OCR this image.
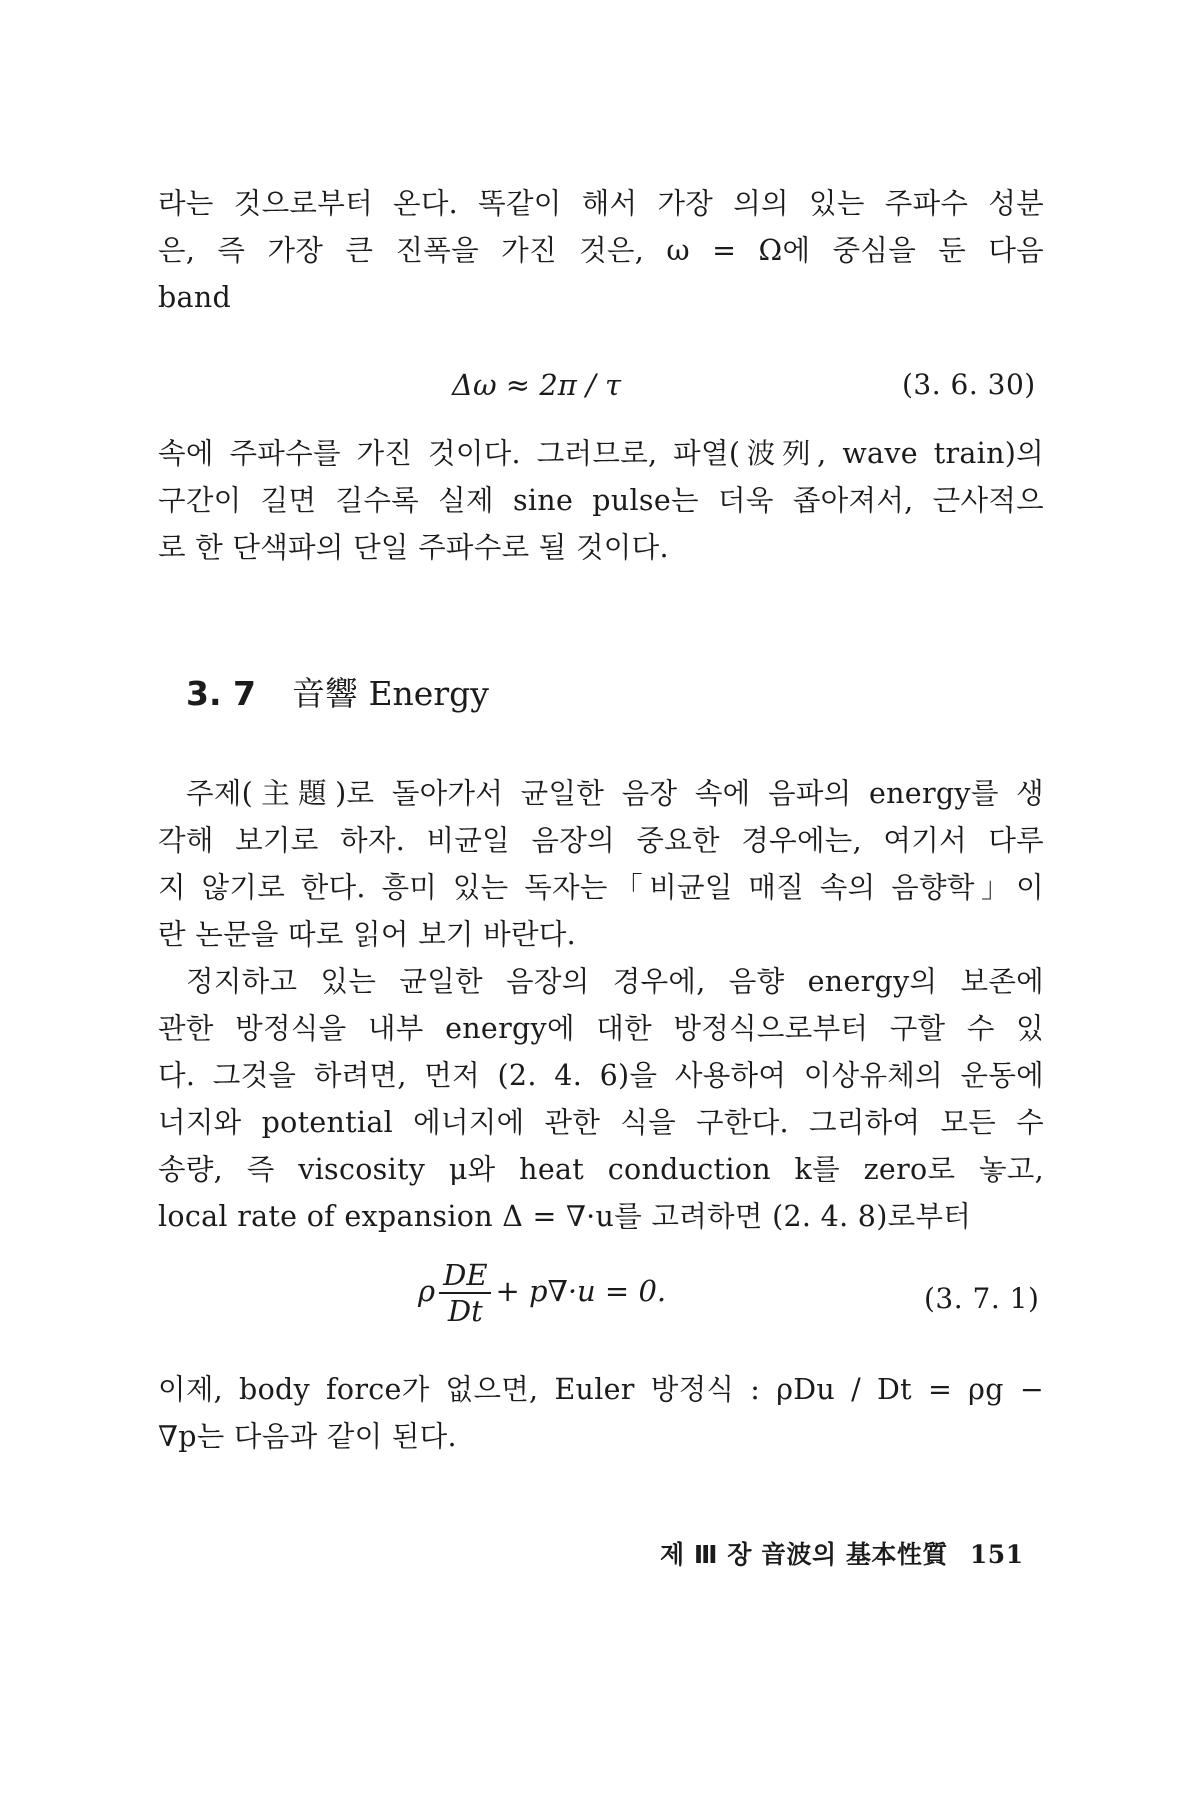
라는 것으로부터 온다. 똑같이 해서 가장 의의 있는 주파수 성분
은, 즉 가장 큰 진폭을 가진 것은, ω = Ω에 중심을 둔 다음
band
Δω ≈ 2π / τ	(3. 6. 30)
속에 주파수를 가진 것이다. 그러므로, 파열(波列, wave train)의
구간이 길면 길수록 실제 sine pulse는 더욱 좁아져서, 근사적으
로 한 단색파의 단일 주파수로 될 것이다.
3. 7 音響 Energy
주제(主題)로 돌아가서 균일한 음장 속에 음파의 energy를 생
각해 보기로 하자. 비균일 음장의 중요한 경우에는, 여기서 다루
지 않기로 한다. 흥미 있는 독자는「비균일 매질 속의 음향학」이
란 논문을 따로 읽어 보기 바란다.
정지하고 있는 균일한 음장의 경우에, 음향 energy의 보존에
관한 방정식을 내부 energy에 대한 방정식으로부터 구할 수 있
다. 그것을 하려면, 먼저 (2. 4. 6)을 사용하여 이상유체의 운동에
너지와 potential 에너지에 관한 식을 구한다. 그리하여 모든 수
송량, 즉 viscosity μ와 heat conduction k를 zero로 놓고,
local rate of expansion Δ = ∇·u를 고려하면 (2. 4. 8)로부터
ρ $\frac{DE}{Dt} + p\nabla\cdot u = 0$.	(3. 7. 1)
이제, body force가 없으면, Euler 방정식 : ρDu / Dt = ρg −
∇p는 다음과 같이 된다.
제 Ⅲ 장 音波의 基本性質 151
